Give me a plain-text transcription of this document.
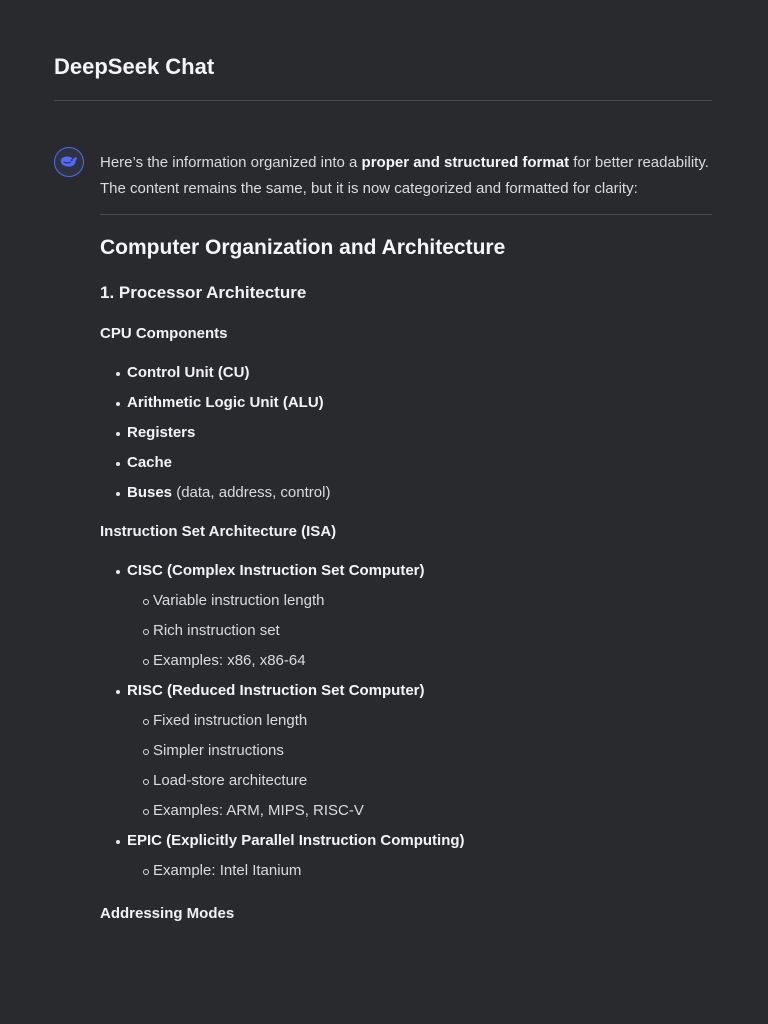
DeepSeek Chat

Here’s the information organized into a proper and structured format for better readability. The content remains the same, but it is now categorized and formatted for clarity:

Computer Organization and Architecture
1. Processor Architecture
CPU Components
Control Unit (CU)
Arithmetic Logic Unit (ALU)
Registers
Cache
Buses (data, address, control)
Instruction Set Architecture (ISA)
CISC (Complex Instruction Set Computer)
Variable instruction length
Rich instruction set
Examples: x86, x86-64
RISC (Reduced Instruction Set Computer)
Fixed instruction length
Simpler instructions
Load-store architecture
Examples: ARM, MIPS, RISC-V
EPIC (Explicitly Parallel Instruction Computing)
Example: Intel Itanium
Addressing Modes
